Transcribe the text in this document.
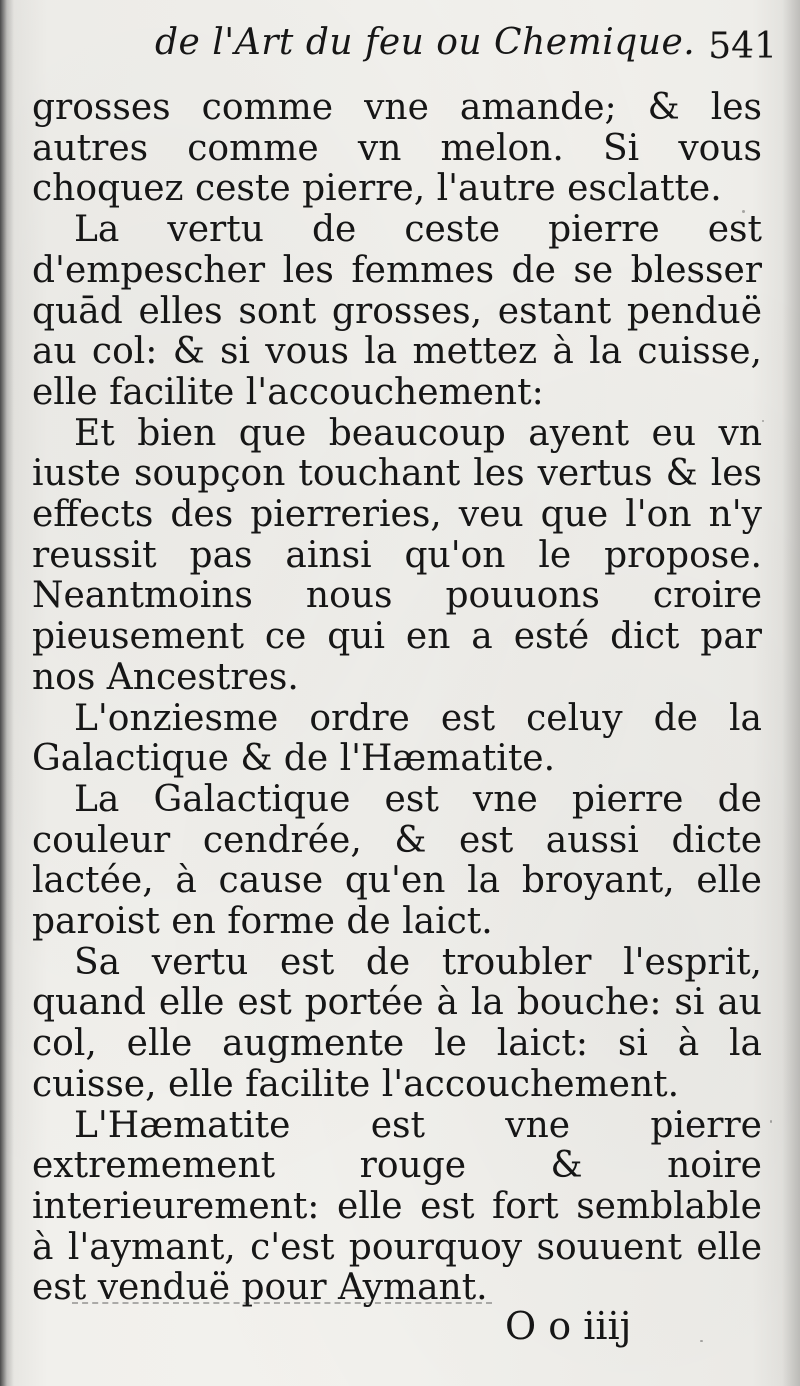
de l'Art du feu ou Chemique. 541

grosses comme vne amande; & les autres comme vn melon. Si vous choquez ceste pierre, l'autre esclatte.

La vertu de ceste pierre est d'empescher les femmes de se blesser quād elles sont grosses, estant penduë au col: & si vous la mettez à la cuisse, elle facilite l'accouchement:

Et bien que beaucoup ayent eu vn iuste soupçon touchant les vertus & les effects des pierreries, veu que l'on n'y reussit pas ainsi qu'on le propose. Neantmoins nous pouuons croire pieusement ce qui en a esté dict par nos Ancestres.

L'onziesme ordre est celuy de la Galactique & de l'Hæmatite.

La Galactique est vne pierre de couleur cendrée, & est aussi dicte lactée, à cause qu'en la broyant, elle paroist en forme de laict.

Sa vertu est de troubler l'esprit, quand elle est portée à la bouche: si au col, elle augmente le laict: si à la cuisse, elle facilite l'accouchement.

L'Hæmatite est vne pierre extremement rouge & noire interieurement: elle est fort semblable à l'aymant, c'est pourquoy souuent elle est venduë pour Aymant.

O o iiij
